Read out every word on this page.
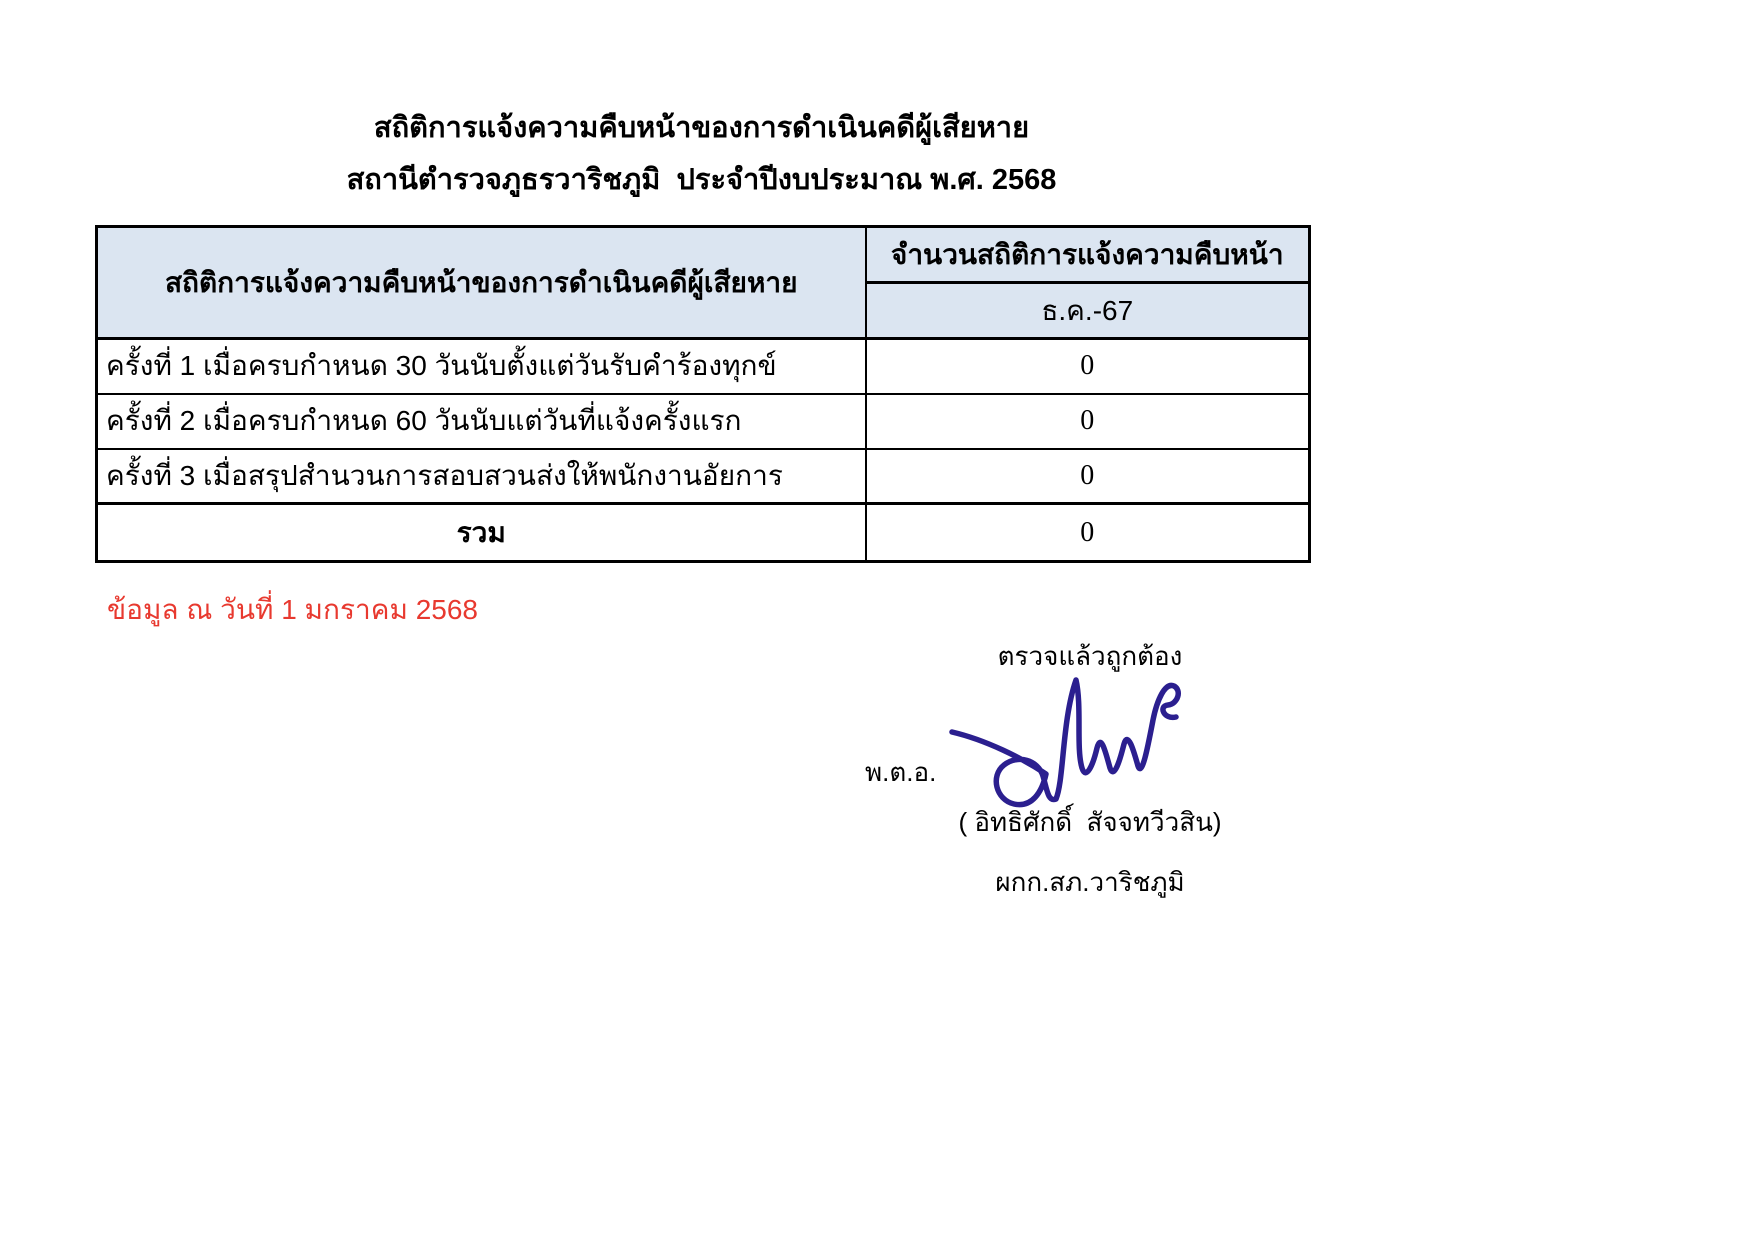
สถิติการแจ้งความคืบหน้าของการดำเนินคดีผู้เสียหาย
สถานีตำรวจภูธรวาริชภูมิ  ประจำปีงบประมาณ พ.ศ. 2568
สถิติการแจ้งความคืบหน้าของการดำเนินคดีผู้เสียหาย	จำนวนสถิติการแจ้งความคืบหน้า
	ธ.ค.-67
ครั้งที่ 1 เมื่อครบกำหนด 30 วันนับตั้งแต่วันรับคำร้องทุกข์	0
ครั้งที่ 2 เมื่อครบกำหนด 60 วันนับแต่วันที่แจ้งครั้งแรก	0
ครั้งที่ 3 เมื่อสรุปสำนวนการสอบสวนส่งให้พนักงานอัยการ	0
รวม	0
ข้อมูล ณ วันที่ 1 มกราคม 2568
ตรวจแล้วถูกต้อง
พ.ต.อ.
( อิทธิศักดิ์  สัจจทวีวสิน)
ผกก.สภ.วาริชภูมิ
